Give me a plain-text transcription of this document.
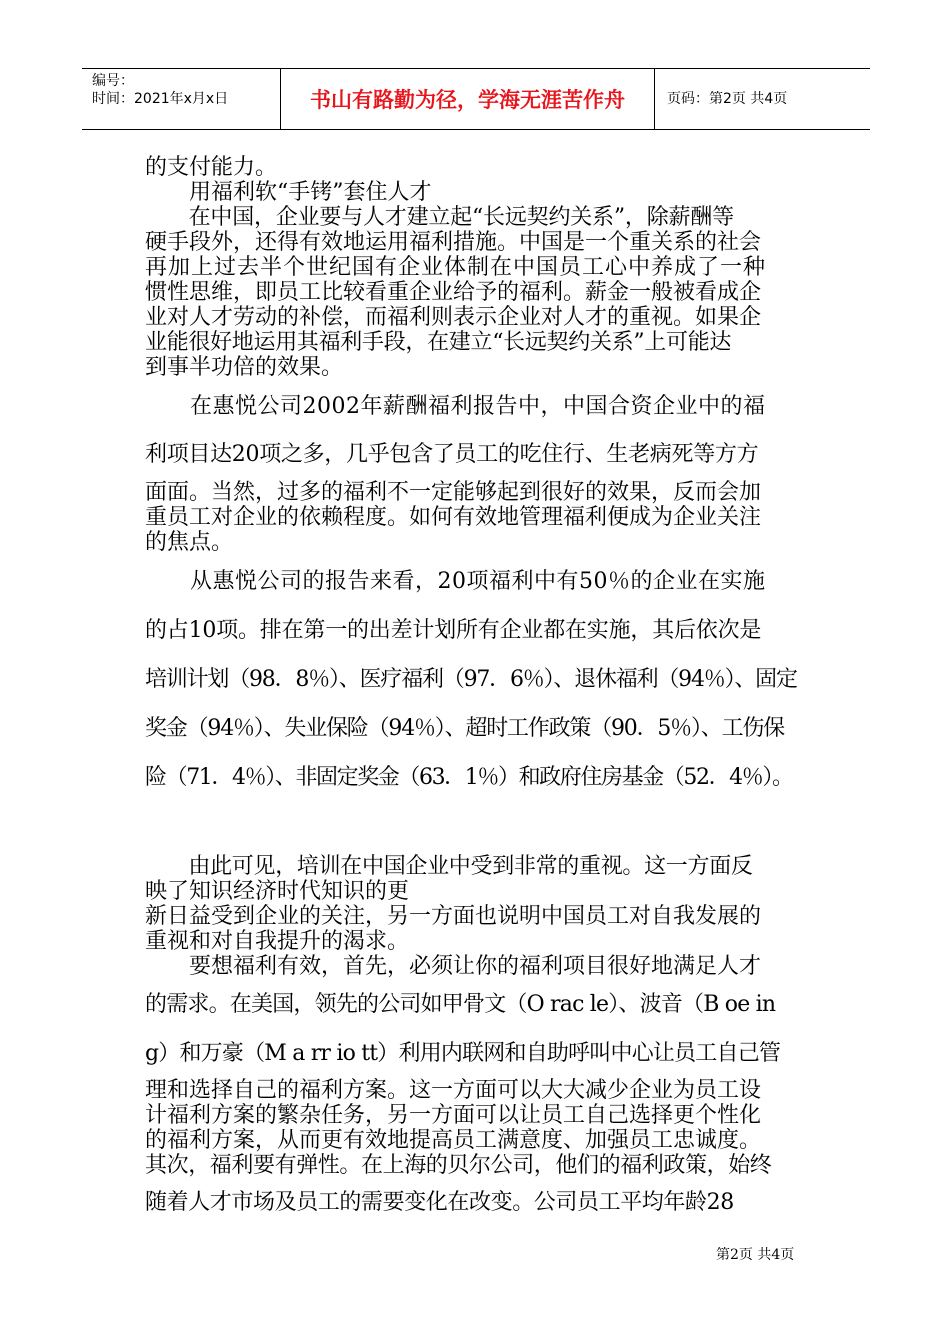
编号：
时间：2021年x月x日	书山有路勤为径，学海无涯苦作舟	页码：第2页 共4页
的支付能力。
　　用福利软“手铐”套住人才
　　在中国，企业要与人才建立起“长远契约关系”，除薪酬等
硬手段外，还得有效地运用福利措施。中国是一个重关系的社会
再加上过去半个世纪国有企业体制在中国员工心中养成了一种
惯性思维，即员工比较看重企业给予的福利。薪金一般被看成企
业对人才劳动的补偿，而福利则表示企业对人才的重视。如果企
业能很好地运用其福利手段，在建立“长远契约关系”上可能达
到事半功倍的效果。
　　在惠悦公司2002年薪酬福利报告中，中国合资企业中的福
利项目达20项之多，几乎包含了员工的吃住行、生老病死等方方
面面。当然，过多的福利不一定能够起到很好的效果，反而会加
重员工对企业的依赖程度。如何有效地管理福利便成为企业关注
的焦点。
　　从惠悦公司的报告来看，20项福利中有50％的企业在实施
的占10项。排在第一的出差计划所有企业都在实施，其后依次是
培训计划（98．8％）、医疗福利（97．6％）、退休福利（94％）、固定
奖金（94％）、失业保险（94％）、超时工作政策（90．5％）、工伤保
险（71．4％）、非固定奖金（63．1％）和政府住房基金（52．4％）。
　　由此可见，培训在中国企业中受到非常的重视。这一方面反
映了知识经济时代知识的更
新日益受到企业的关注，另一方面也说明中国员工对自我发展的
重视和对自我提升的渴求。
　　要想福利有效，首先，必须让你的福利项目很好地满足人才
的需求。在美国，领先的公司如甲骨文（O rac le）、波音（B oe in
g）和万豪（M a rr io tt）利用内联网和自助呼叫中心让员工自己管
理和选择自己的福利方案。这一方面可以大大减少企业为员工设
计福利方案的繁杂任务，另一方面可以让员工自己选择更个性化
的福利方案，从而更有效地提高员工满意度、加强员工忠诚度。
其次，福利要有弹性。在上海的贝尔公司，他们的福利政策，始终
随着人才市场及员工的需要变化在改变。公司员工平均年龄28
第2页 共4页
